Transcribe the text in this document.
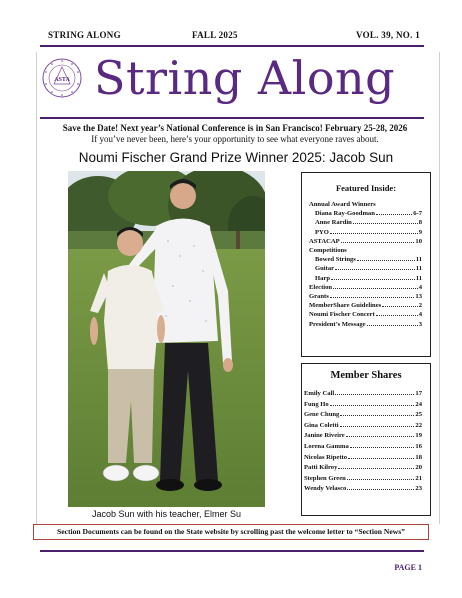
STRING ALONG	FALL 2025	VOL. 39, NO. 1
ASTA String Along
Save the Date! Next year’s National Conference is in San Francisco! February 25-28, 2026
If you’ve never been, here’s your opportunity to see what everyone raves about.
Noumi Fischer Grand Prize Winner 2025: Jacob Sun
Jacob Sun with his teacher, Elmer Su
Featured Inside:
Annual Award Winners
Diana Ray-Goodman	6-7
Anne Rardin	8
PYO	9
ASTACAP	10
Competitions
Bowed Strings	11
Guitar	11
Harp	11
Election	4
Grants	13
MemberShare Guidelines	2
Noumi Fischer Concert	4
President’s Message	3
Member Shares
Emily Call	17
Fung Ho	24
Gene Chung	25
Gina Coletti	22
Janine Riveire	19
Lorena Gamma	16
Nicolas Ripetto	18
Patti Kilroy	20
Stephen Green	21
Wendy Velasco	23
Section Documents can be found on the State website by scrolling past the welcome letter to “Section News”
PAGE 1
